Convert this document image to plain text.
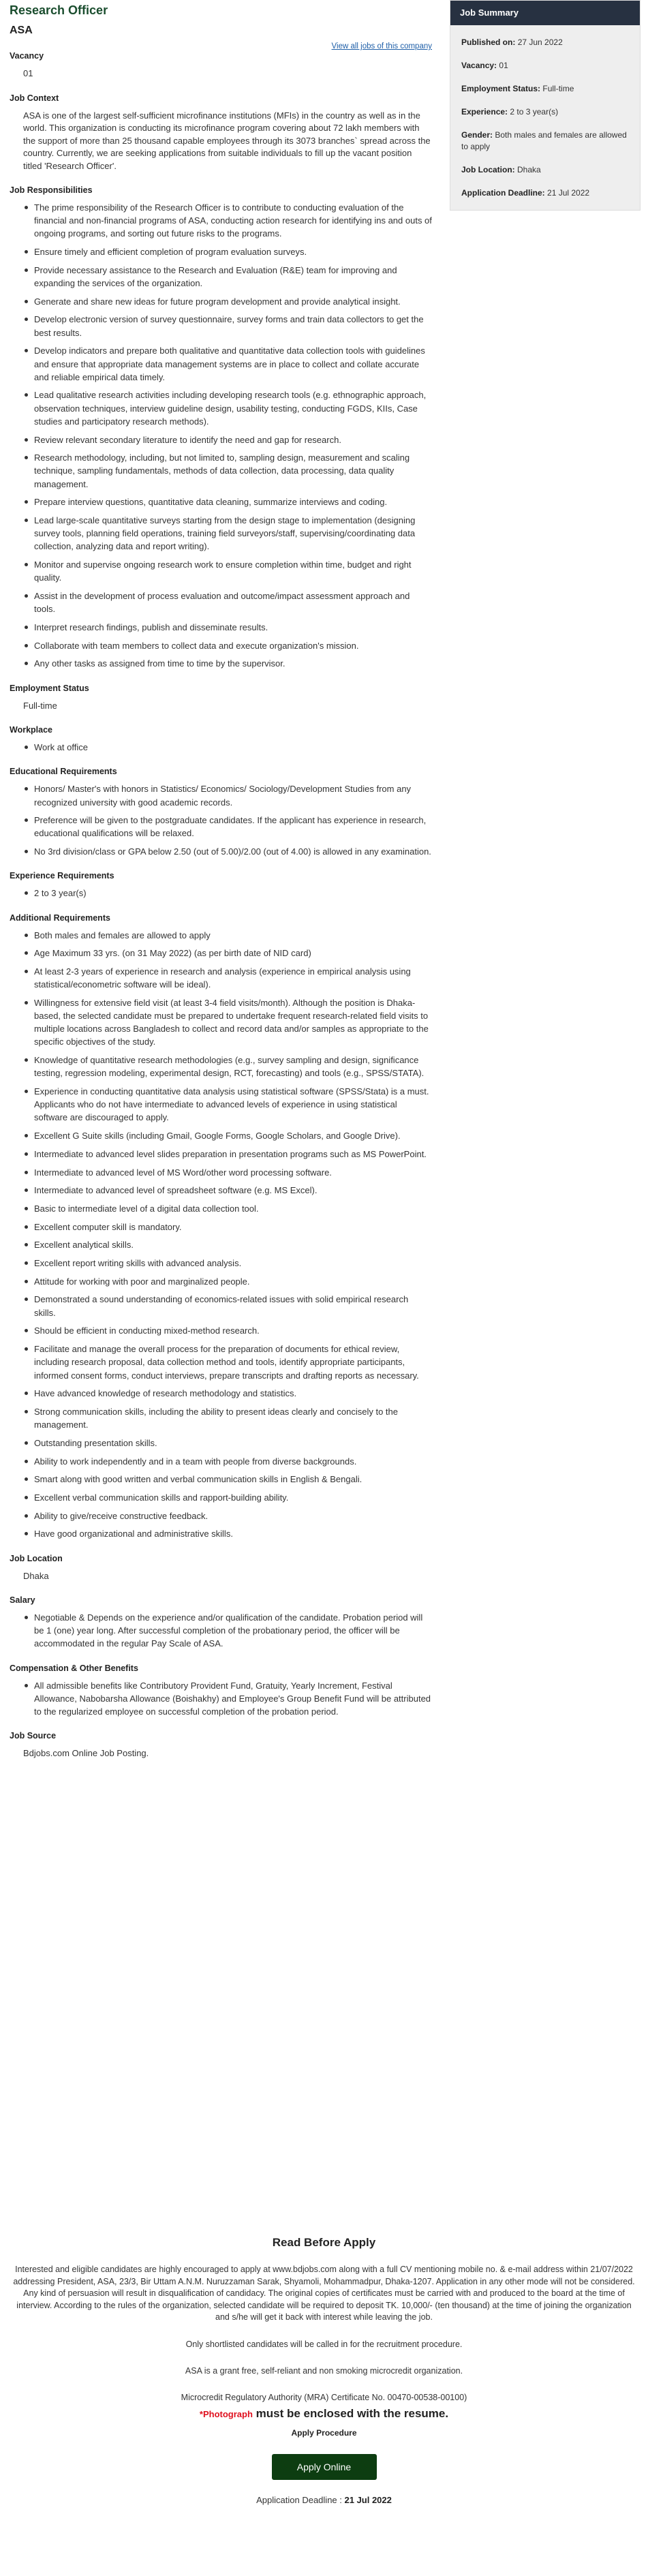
Research Officer
ASA
View all jobs of this company
Vacancy
01
Job Context
ASA is one of the largest self-sufficient microfinance institutions (MFIs) in the country as well as in the world. This organization is conducting its microfinance program covering about 72 lakh members with the support of more than 25 thousand capable employees through its 3073 branches` spread across the country. Currently, we are seeking applications from suitable individuals to fill up the vacant position titled 'Research Officer'.
Job Responsibilities
The prime responsibility of the Research Officer is to contribute to conducting evaluation of the financial and non-financial programs of ASA, conducting action research for identifying ins and outs of ongoing programs, and sorting out future risks to the programs.
Ensure timely and efficient completion of program evaluation surveys.
Provide necessary assistance to the Research and Evaluation (R&E) team for improving and expanding the services of the organization.
Generate and share new ideas for future program development and provide analytical insight.
Develop electronic version of survey questionnaire, survey forms and train data collectors to get the best results.
Develop indicators and prepare both qualitative and quantitative data collection tools with guidelines and ensure that appropriate data management systems are in place to collect and collate accurate and reliable empirical data timely.
Lead qualitative research activities including developing research tools (e.g. ethnographic approach, observation techniques, interview guideline design, usability testing, conducting FGDS, KIIs, Case studies and participatory research methods).
Review relevant secondary literature to identify the need and gap for research.
Research methodology, including, but not limited to, sampling design, measurement and scaling technique, sampling fundamentals, methods of data collection, data processing, data quality management.
Prepare interview questions, quantitative data cleaning, summarize interviews and coding.
Lead large-scale quantitative surveys starting from the design stage to implementation (designing survey tools, planning field operations, training field surveyors/staff, supervising/coordinating data collection, analyzing data and report writing).
Monitor and supervise ongoing research work to ensure completion within time, budget and right quality.
Assist in the development of process evaluation and outcome/impact assessment approach and tools.
Interpret research findings, publish and disseminate results.
Collaborate with team members to collect data and execute organization's mission.
Any other tasks as assigned from time to time by the supervisor.
Employment Status
Full-time
Workplace
Work at office
Educational Requirements
Honors/ Master's with honors in Statistics/ Economics/ Sociology/Development Studies from any recognized university with good academic records.
Preference will be given to the postgraduate candidates. If the applicant has experience in research, educational qualifications will be relaxed.
No 3rd division/class or GPA below 2.50 (out of 5.00)/2.00 (out of 4.00) is allowed in any examination.
Experience Requirements
2 to 3 year(s)
Additional Requirements
Both males and females are allowed to apply
Age Maximum 33 yrs. (on 31 May 2022) (as per birth date of NID card)
At least 2-3 years of experience in research and analysis (experience in empirical analysis using statistical/econometric software will be ideal).
Willingness for extensive field visit (at least 3-4 field visits/month). Although the position is Dhaka-based, the selected candidate must be prepared to undertake frequent research-related field visits to multiple locations across Bangladesh to collect and record data and/or samples as appropriate to the specific objectives of the study.
Knowledge of quantitative research methodologies (e.g., survey sampling and design, significance testing, regression modeling, experimental design, RCT, forecasting) and tools (e.g., SPSS/STATA).
Experience in conducting quantitative data analysis using statistical software (SPSS/Stata) is a must. Applicants who do not have intermediate to advanced levels of experience in using statistical software are discouraged to apply.
Excellent G Suite skills (including Gmail, Google Forms, Google Scholars, and Google Drive).
Intermediate to advanced level slides preparation in presentation programs such as MS PowerPoint.
Intermediate to advanced level of MS Word/other word processing software.
Intermediate to advanced level of spreadsheet software (e.g. MS Excel).
Basic to intermediate level of a digital data collection tool.
Excellent computer skill is mandatory.
Excellent analytical skills.
Excellent report writing skills with advanced analysis.
Attitude for working with poor and marginalized people.
Demonstrated a sound understanding of economics-related issues with solid empirical research skills.
Should be efficient in conducting mixed-method research.
Facilitate and manage the overall process for the preparation of documents for ethical review, including research proposal, data collection method and tools, identify appropriate participants, informed consent forms, conduct interviews, prepare transcripts and drafting reports as necessary.
Have advanced knowledge of research methodology and statistics.
Strong communication skills, including the ability to present ideas clearly and concisely to the management.
Outstanding presentation skills.
Ability to work independently and in a team with people from diverse backgrounds.
Smart along with good written and verbal communication skills in English & Bengali.
Excellent verbal communication skills and rapport-building ability.
Ability to give/receive constructive feedback.
Have good organizational and administrative skills.
Job Location
Dhaka
Salary
Negotiable & Depends on the experience and/or qualification of the candidate. Probation period will be 1 (one) year long. After successful completion of the probationary period, the officer will be accommodated in the regular Pay Scale of ASA.
Compensation & Other Benefits
All admissible benefits like Contributory Provident Fund, Gratuity, Yearly Increment, Festival Allowance, Nabobarsha Allowance (Boishakhy) and Employee's Group Benefit Fund will be attributed to the regularized employee on successful completion of the probation period.
Job Source
Bdjobs.com Online Job Posting.
Job Summary
Published on: 27 Jun 2022
Vacancy: 01
Employment Status: Full-time
Experience: 2 to 3 year(s)
Gender: Both males and females are allowed to apply
Job Location: Dhaka
Application Deadline: 21 Jul 2022
Read Before Apply
Interested and eligible candidates are highly encouraged to apply at www.bdjobs.com along with a full CV mentioning mobile no. & e-mail address within 21/07/2022 addressing President, ASA, 23/3, Bir Uttam A.N.M. Nuruzzaman Sarak, Shyamoli, Mohammadpur, Dhaka-1207. Application in any other mode will not be considered. Any kind of persuasion will result in disqualification of candidacy. The original copies of certificates must be carried with and produced to the board at the time of interview. According to the rules of the organization, selected candidate will be required to deposit TK. 10,000/- (ten thousand) at the time of joining the organization and s/he will get it back with interest while leaving the job.
Only shortlisted candidates will be called in for the recruitment procedure.
ASA is a grant free, self-reliant and non smoking microcredit organization.
Microcredit Regulatory Authority (MRA) Certificate No. 00470-00538-00100)
*Photograph must be enclosed with the resume.
Apply Procedure
Apply Online
Application Deadline : 21 Jul 2022
